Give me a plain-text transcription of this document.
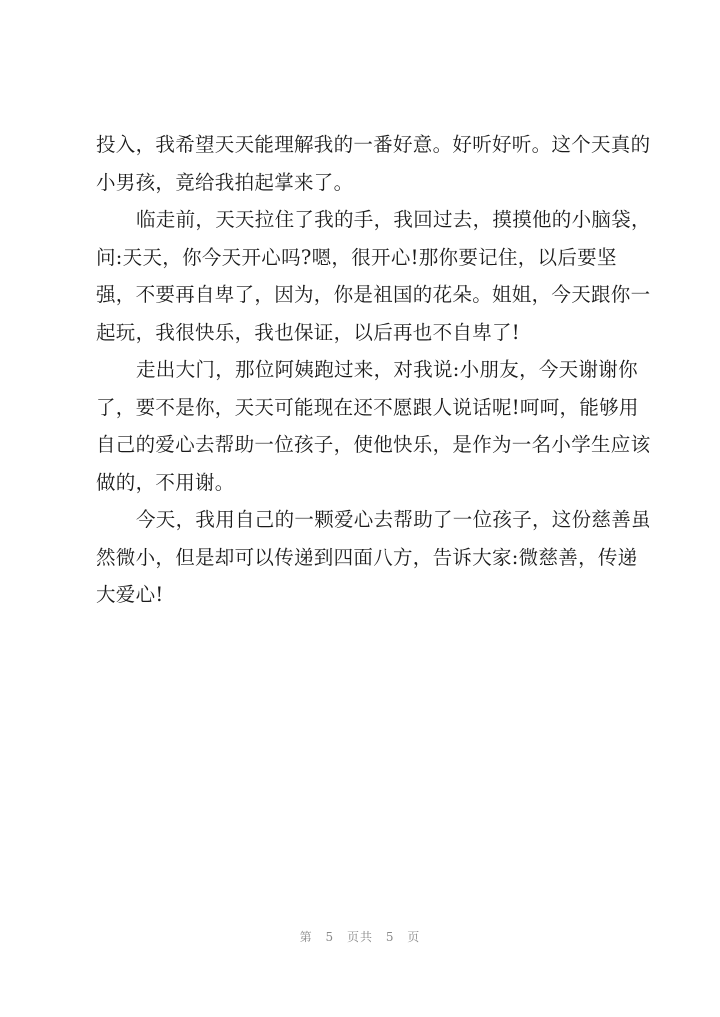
投入，我希望天天能理解我的一番好意。好听好听。这个天真的
小男孩，竟给我拍起掌来了。
临走前，天天拉住了我的手，我回过去，摸摸他的小脑袋，
问:天天，你今天开心吗?嗯，很开心!那你要记住，以后要坚
强，不要再自卑了，因为，你是祖国的花朵。姐姐，今天跟你一
起玩，我很快乐，我也保证，以后再也不自卑了!
走出大门，那位阿姨跑过来，对我说:小朋友，今天谢谢你
了，要不是你，天天可能现在还不愿跟人说话呢!呵呵，能够用
自己的爱心去帮助一位孩子，使他快乐，是作为一名小学生应该
做的，不用谢。
今天，我用自己的一颗爱心去帮助了一位孩子，这份慈善虽
然微小，但是却可以传递到四面八方，告诉大家:微慈善，传递
大爱心!
第 5 页共 5 页
